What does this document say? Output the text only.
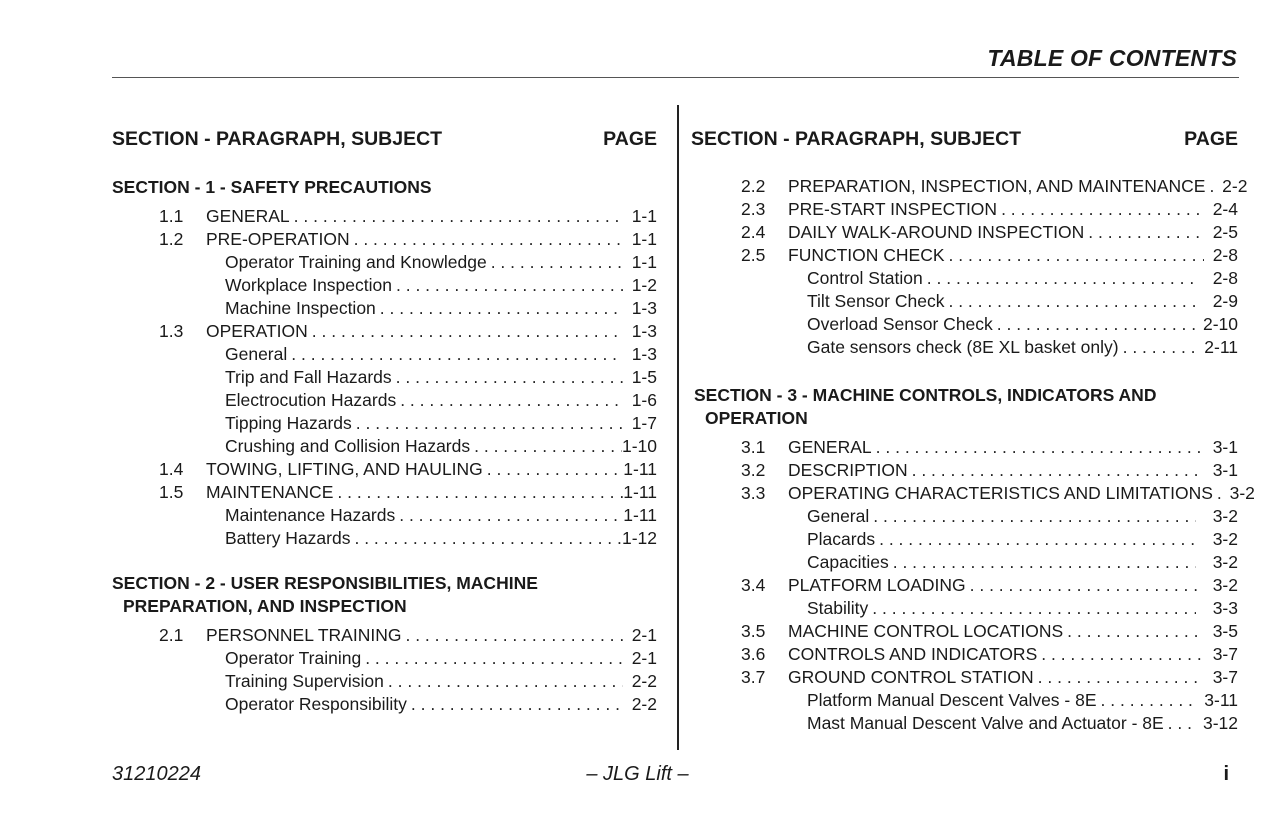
TABLE OF CONTENTS
SECTION - PARAGRAPH, SUBJECT	PAGE
SECTION - 1 - SAFETY PRECAUTIONS
1.1	GENERAL . . .	1-1
1.2	PRE-OPERATION . . .	1-1
Operator Training and Knowledge . . .	1-1
Workplace Inspection . . .	1-2
Machine Inspection . . .	1-3
1.3	OPERATION . . .	1-3
General . . .	1-3
Trip and Fall Hazards . . .	1-5
Electrocution Hazards . . .	1-6
Tipping Hazards . . .	1-7
Crushing and Collision Hazards . . .	1-10
1.4	TOWING, LIFTING, AND HAULING . . .	1-11
1.5	MAINTENANCE . . .	1-11
Maintenance Hazards . . .	1-11
Battery Hazards . . .	1-12
SECTION - 2 - USER RESPONSIBILITIES, MACHINE PREPARATION, AND INSPECTION
2.1	PERSONNEL TRAINING . . .	2-1
Operator Training . . .	2-1
Training Supervision . . .	2-2
Operator Responsibility . . .	2-2
SECTION - PARAGRAPH, SUBJECT	PAGE
2.2	PREPARATION, INSPECTION, AND MAINTENANCE . . . 2-2
2.3	PRE-START INSPECTION . . .	2-4
2.4	DAILY WALK-AROUND INSPECTION . . .	2-5
2.5	FUNCTION CHECK . . .	2-8
Control Station . . .	2-8
Tilt Sensor Check . . .	2-9
Overload Sensor Check . . .	2-10
Gate sensors check (8E XL basket only) . . .	2-11
SECTION - 3 - MACHINE CONTROLS, INDICATORS AND OPERATION
3.1	GENERAL . . .	3-1
3.2	DESCRIPTION . . .	3-1
3.3	OPERATING CHARACTERISTICS AND LIMITATIONS . . . 3-2
General . . .	3-2
Placards . . .	3-2
Capacities . . .	3-2
3.4	PLATFORM LOADING . . .	3-2
Stability . . .	3-3
3.5	MACHINE CONTROL LOCATIONS . . .	3-5
3.6	CONTROLS AND INDICATORS . . .	3-7
3.7	GROUND CONTROL STATION . . .	3-7
Platform Manual Descent Valves - 8E . . .	3-11
Mast Manual Descent Valve and Actuator - 8E . . .	3-12
31210224	– JLG Lift –	i
